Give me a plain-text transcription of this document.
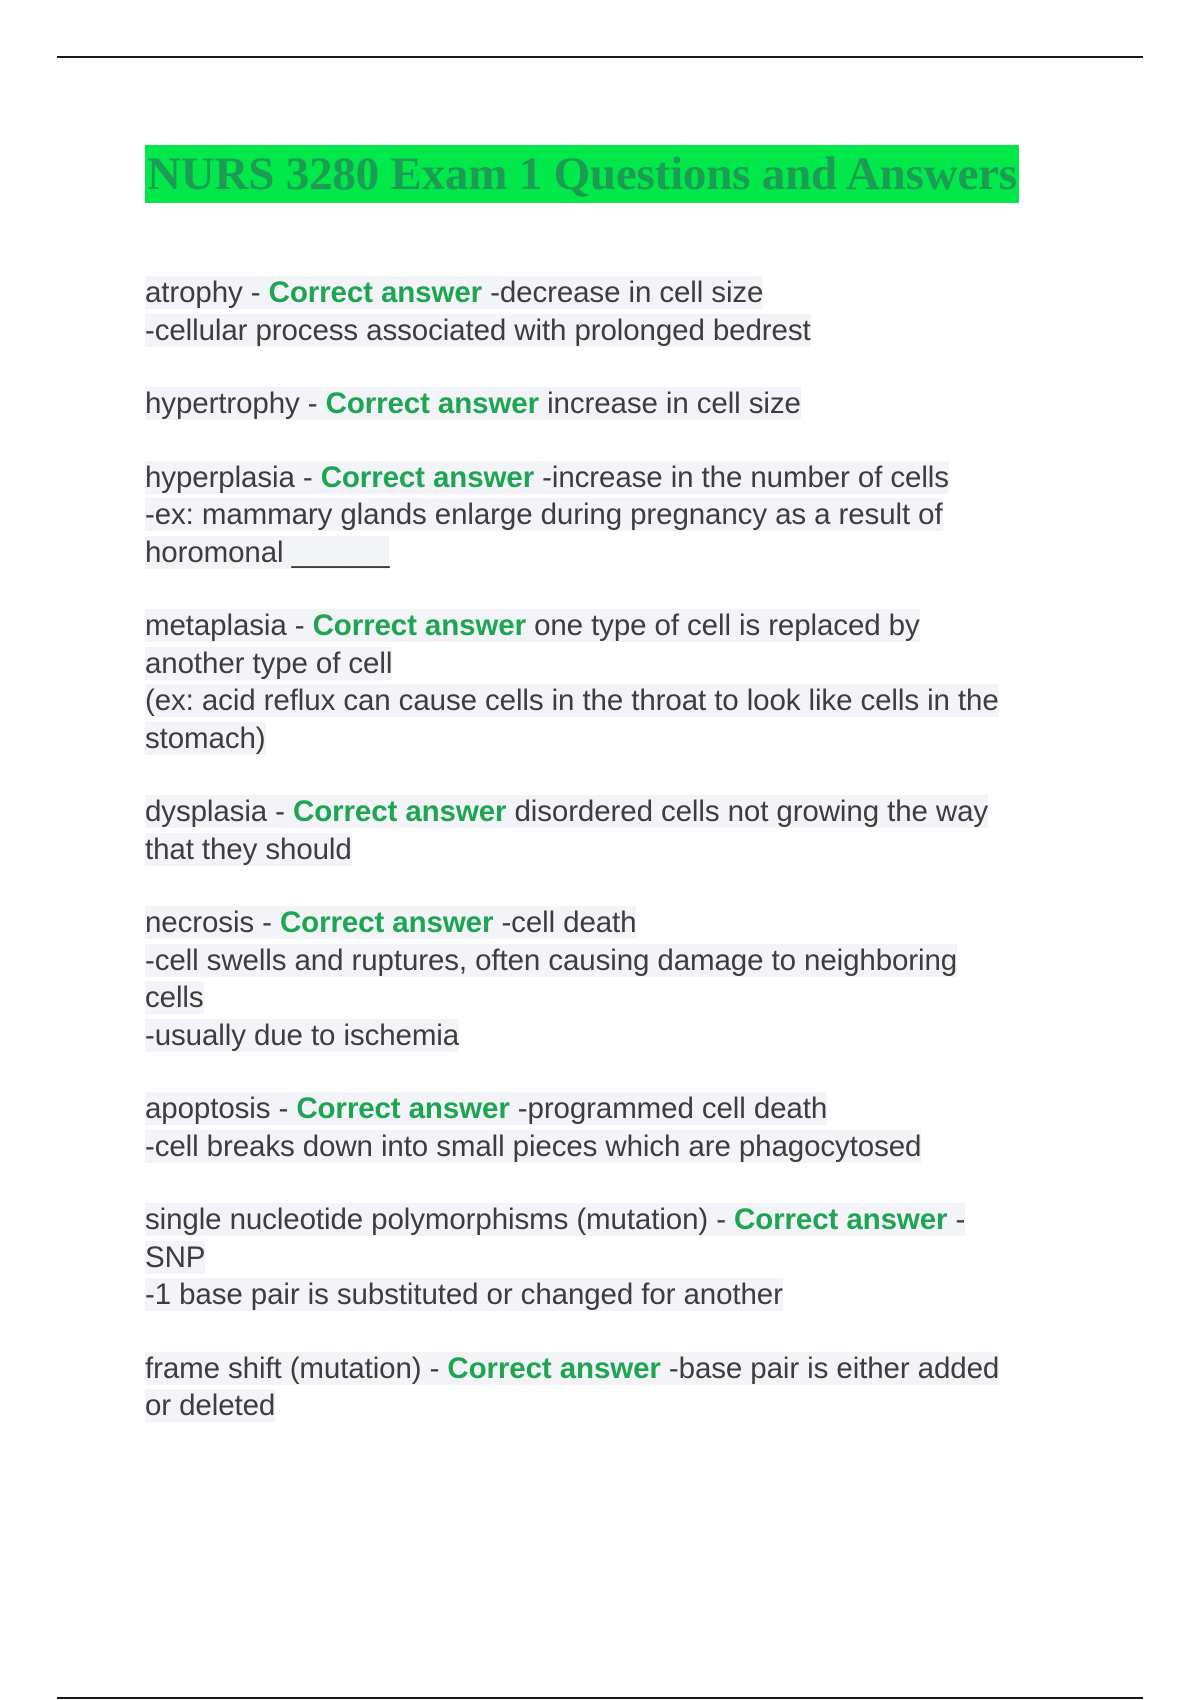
NURS 3280 Exam 1 Questions and Answers
atrophy - Correct answer -decrease in cell size
-cellular process associated with prolonged bedrest
hypertrophy - Correct answer increase in cell size
hyperplasia - Correct answer -increase in the number of cells
-ex: mammary glands enlarge during pregnancy as a result of
horomonal ______
metaplasia - Correct answer one type of cell is replaced by
another type of cell
(ex: acid reflux can cause cells in the throat to look like cells in the
stomach)
dysplasia - Correct answer disordered cells not growing the way
that they should
necrosis - Correct answer -cell death
-cell swells and ruptures, often causing damage to neighboring
cells
-usually due to ischemia
apoptosis - Correct answer -programmed cell death
-cell breaks down into small pieces which are phagocytosed
single nucleotide polymorphisms (mutation) - Correct answer -
SNP
-1 base pair is substituted or changed for another
frame shift (mutation) - Correct answer -base pair is either added
or deleted
